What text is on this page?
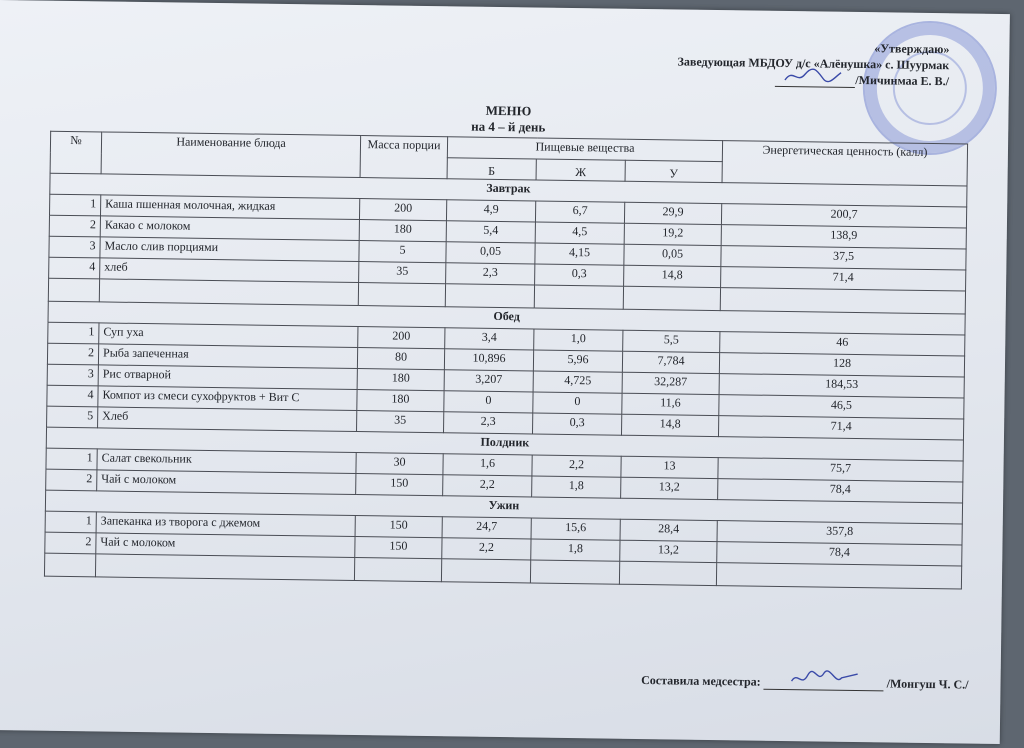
«Утверждаю»
Заведующая МБДОУ д/с «Алёнушка» с. Шуурмак
/Мичинмаа Е. В./
МЕНЮ
на 4 – й день
№	Наименование блюда	Масса порции	Пищевые вещества			Энергетическая ценность (калл)
			Б	Ж	У	
Завтрак						
1	Каша пшенная молочная, жидкая	200	4,9	6,7	29,9	200,7
2	Какао с молоком	180	5,4	4,5	19,2	138,9
3	Масло слив порциями	5	0,05	4,15	0,05	37,5
4	хлеб	35	2,3	0,3	14,8	71,4

Обед						
1	Суп уха	200	3,4	1,0	5,5	46
2	Рыба запеченная	80	10,896	5,96	7,784	128
3	Рис отварной	180	3,207	4,725	32,287	184,53
4	Компот из смеси сухофруктов + Вит С	180	0	0	11,6	46,5
5	Хлеб	35	2,3	0,3	14,8	71,4
Полдник						
1	Салат свекольник	30	1,6	2,2	13	75,7
2	Чай с молоком	150	2,2	1,8	13,2	78,4
Ужин						
1	Запеканка из творога с джемом	150	24,7	15,6	28,4	357,8
2	Чай с молоком	150	2,2	1,8	13,2	78,4

Составила медсестра:	/Монгуш Ч. С./
